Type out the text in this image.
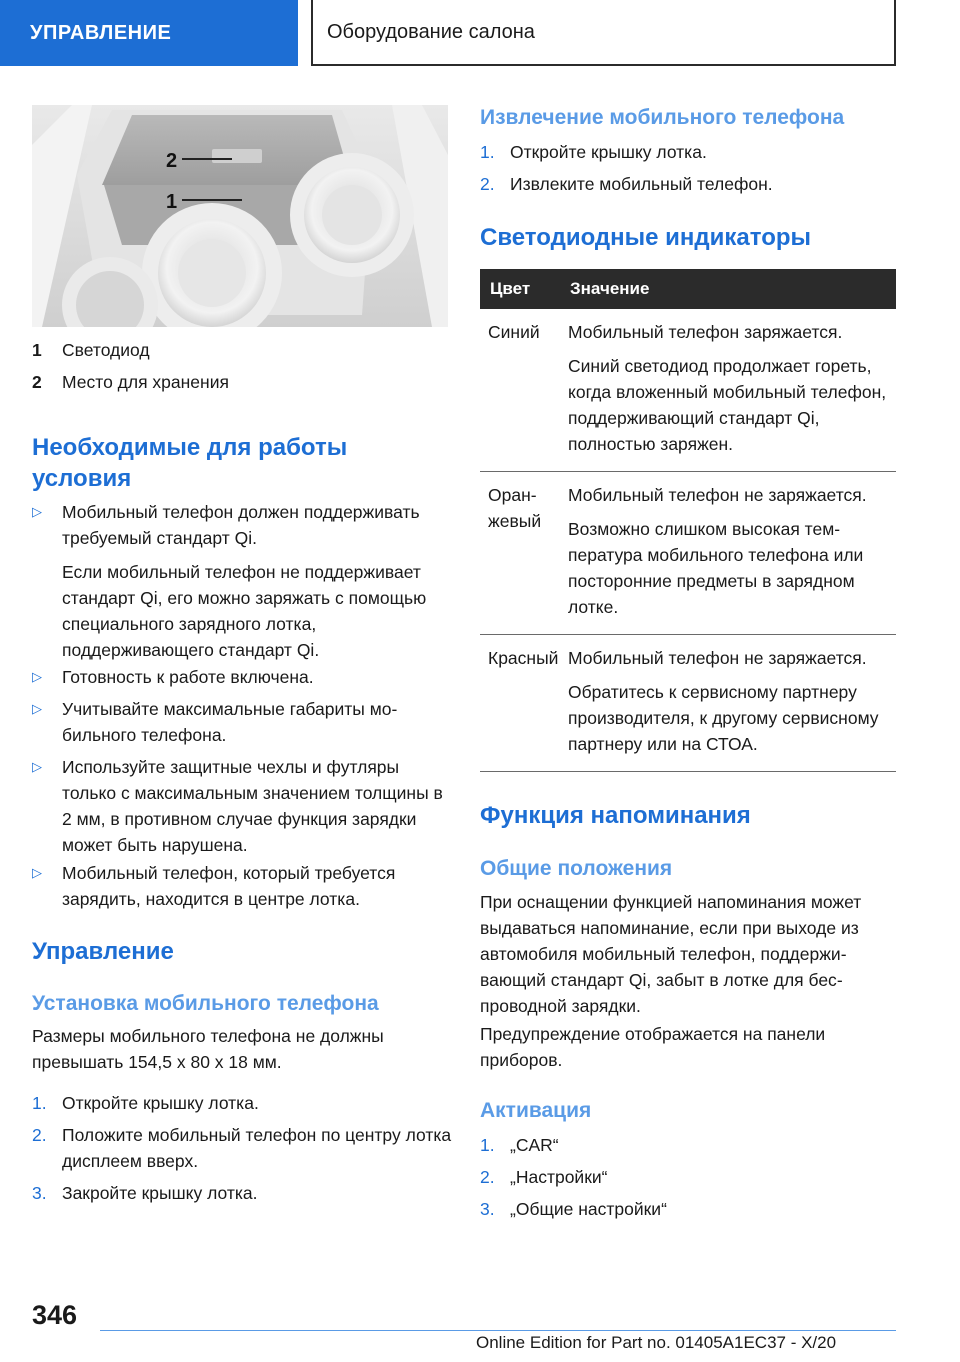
УПРАВЛЕНИЕ	Оборудование салона
2
1
1 Светодиод
2 Место для хранения
Необходимые для работы
условия
▷ Мобильный телефон должен поддерживать требуемый стандарт Qi.
Если мобильный телефон не поддерживает стандарт Qi, его можно заряжать с помощью специального зарядного лотка, поддерживающего стандарт Qi.
▷ Готовность к работе включена.
▷ Учитывайте максимальные габариты мобильного телефона.
▷ Используйте защитные чехлы и футляры только с максимальным значением толщины в 2 мм, в противном случае функция зарядки может быть нарушена.
▷ Мобильный телефон, который требуется зарядить, находится в центре лотка.
Управление
Установка мобильного телефона

Размеры мобильного телефона не должны превышать 154,5 x 80 x 18 мм.

1. Откройте крышку лотка.
2. Положите мобильный телефон по центру лотка дисплеем вверх.
3. Закройте крышку лотка.
Извлечение мобильного телефона
1. Откройте крышку лотка.
2. Извлеките мобильный телефон.
Светодиодные индикаторы
Цвет	Значение
Синий	Мобильный телефон заряжается.

Синий светодиод продолжает гореть, когда вложенный мобильный телефон, поддерживающий стандарт Qi, полностью заряжен.

Оранжевый	Мобильный телефон не заряжается.

Возможно слишком высокая температура мобильного телефона или посторонние предметы в зарядном лотке.

Красный	Мобильный телефон не заряжается.

Обратитесь к сервисному партнеру производителя, к другому сервисному партнеру или на СТОА.

Функция напоминания
Общие положения

При оснащении функцией напоминания может выдаваться напоминание, если при выходе из автомобиля мобильный телефон, поддерживающий стандарт Qi, забыт в лотке для беспроводной зарядки.

Предупреждение отображается на панели приборов.

Активация
1. „CAR“
2. „Настройки“
3. „Общие настройки“
346
Online Edition for Part no. 01405A1EC37 - X/20
